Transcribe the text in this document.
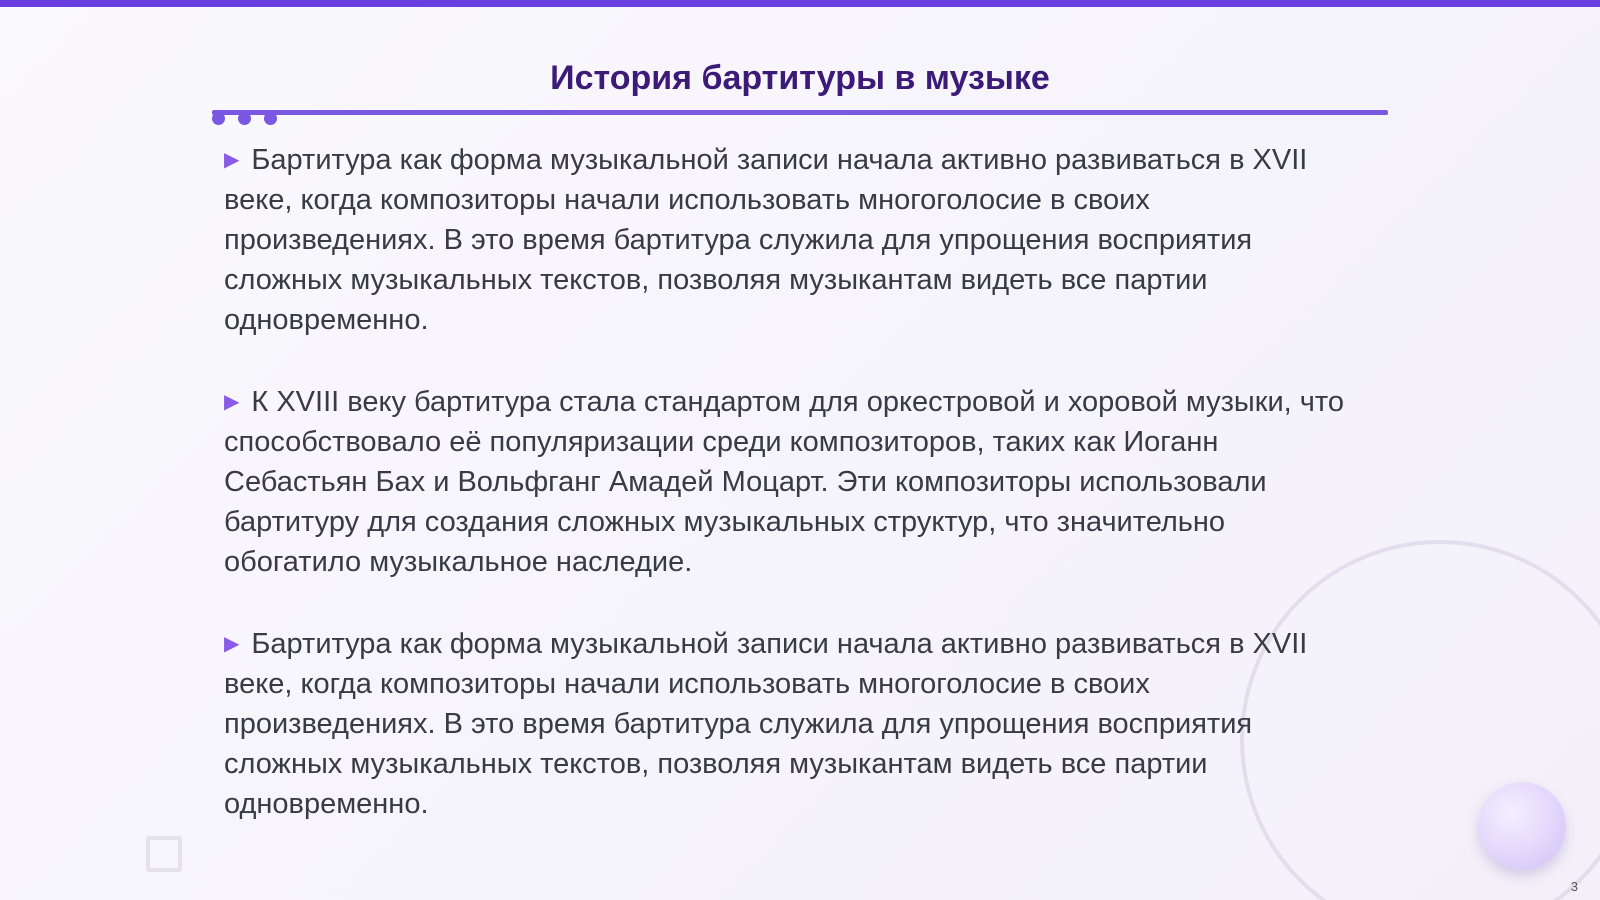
История бартитуры в музыке

▶ Бартитура как форма музыкальной записи начала активно развиваться в XVII веке, когда композиторы начали использовать многоголосие в своих произведениях. В это время бартитура служила для упрощения восприятия сложных музыкальных текстов, позволяя музыкантам видеть все партии одновременно.

▶ К XVIII веку бартитура стала стандартом для оркестровой и хоровой музыки, что способствовало её популяризации среди композиторов, таких как Иоганн Себастьян Бах и Вольфганг Амадей Моцарт. Эти композиторы использовали бартитуру для создания сложных музыкальных структур, что значительно обогатило музыкальное наследие.

▶ Бартитура как форма музыкальной записи начала активно развиваться в XVII веке, когда композиторы начали использовать многоголосие в своих произведениях. В это время бартитура служила для упрощения восприятия сложных музыкальных текстов, позволяя музыкантам видеть все партии одновременно.

3
